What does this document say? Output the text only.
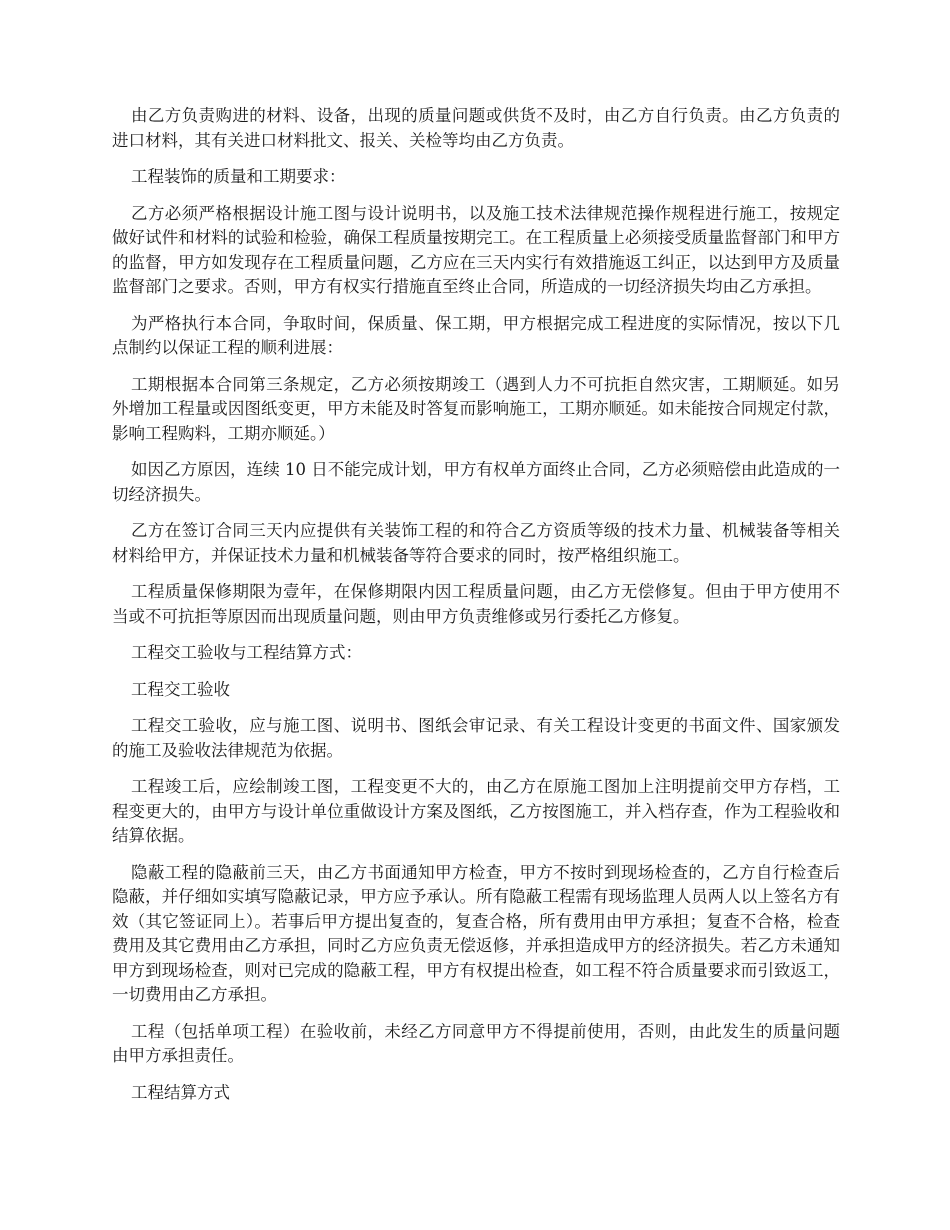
由乙方负责购进的材料、设备，出现的质量问题或供货不及时，由乙方自行负责。由乙方负责的进口材料，其有关进口材料批文、报关、关检等均由乙方负责。

工程装饰的质量和工期要求：

乙方必须严格根据设计施工图与设计说明书，以及施工技术法律规范操作规程进行施工，按规定做好试件和材料的试验和检验，确保工程质量按期完工。在工程质量上必须接受质量监督部门和甲方的监督，甲方如发现存在工程质量问题，乙方应在三天内实行有效措施返工纠正，以达到甲方及质量监督部门之要求。否则，甲方有权实行措施直至终止合同，所造成的一切经济损失均由乙方承担。

为严格执行本合同，争取时间，保质量、保工期，甲方根据完成工程进度的实际情况，按以下几点制约以保证工程的顺利进展：

工期根据本合同第三条规定，乙方必须按期竣工（遇到人力不可抗拒自然灾害，工期顺延。如另外增加工程量或因图纸变更，甲方未能及时答复而影响施工，工期亦顺延。如未能按合同规定付款，影响工程购料，工期亦顺延。）

如因乙方原因，连续 10 日不能完成计划，甲方有权单方面终止合同，乙方必须赔偿由此造成的一切经济损失。

乙方在签订合同三天内应提供有关装饰工程的和符合乙方资质等级的技术力量、机械装备等相关材料给甲方，并保证技术力量和机械装备等符合要求的同时，按严格组织施工。

工程质量保修期限为壹年，在保修期限内因工程质量问题，由乙方无偿修复。但由于甲方使用不当或不可抗拒等原因而出现质量问题，则由甲方负责维修或另行委托乙方修复。

工程交工验收与工程结算方式：

工程交工验收

工程交工验收，应与施工图、说明书、图纸会审记录、有关工程设计变更的书面文件、国家颁发的施工及验收法律规范为依据。

工程竣工后，应绘制竣工图，工程变更不大的，由乙方在原施工图加上注明提前交甲方存档，工程变更大的，由甲方与设计单位重做设计方案及图纸，乙方按图施工，并入档存查，作为工程验收和结算依据。

隐蔽工程的隐蔽前三天，由乙方书面通知甲方检查，甲方不按时到现场检查的，乙方自行检查后隐蔽，并仔细如实填写隐蔽记录，甲方应予承认。所有隐蔽工程需有现场监理人员两人以上签名方有效（其它签证同上）。若事后甲方提出复查的，复查合格，所有费用由甲方承担；复查不合格，检查费用及其它费用由乙方承担，同时乙方应负责无偿返修，并承担造成甲方的经济损失。若乙方未通知甲方到现场检查，则对已完成的隐蔽工程，甲方有权提出检查，如工程不符合质量要求而引致返工，一切费用由乙方承担。

工程（包括单项工程）在验收前，未经乙方同意甲方不得提前使用，否则，由此发生的质量问题由甲方承担责任。

工程结算方式
